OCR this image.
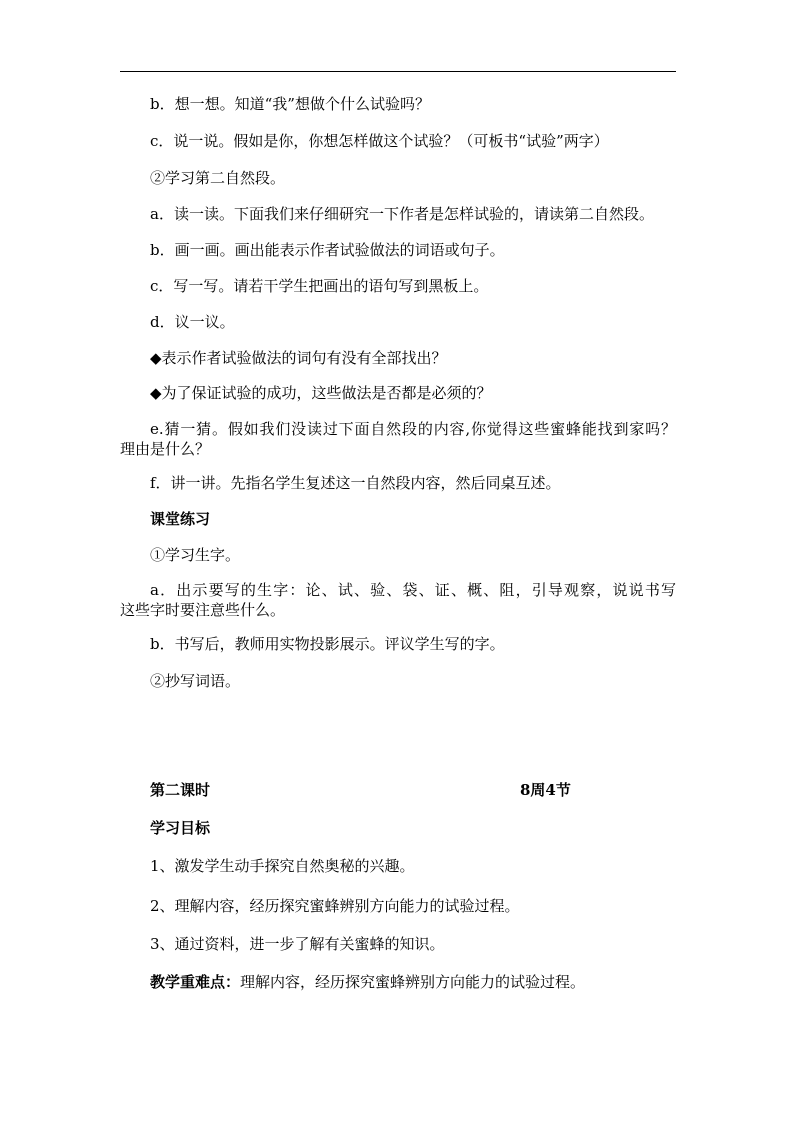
b．想一想。知道“我”想做个什么试验吗？
c．说一说。假如是你，你想怎样做这个试验？（可板书“试验”两字）
②学习第二自然段。
a．读一读。下面我们来仔细研究一下作者是怎样试验的，请读第二自然段。
b．画一画。画出能表示作者试验做法的词语或句子。
c．写一写。请若干学生把画出的语句写到黑板上。
d．议一议。
◆表示作者试验做法的词句有没有全部找出？
◆为了保证试验的成功，这些做法是否都是必须的？
e.猜一猜。假如我们没读过下面自然段的内容,你觉得这些蜜蜂能找到家吗？
理由是什么？
f．讲一讲。先指名学生复述这一自然段内容，然后同桌互述。
课堂练习
①学习生字。
a．出示要写的生字：论、试、验、袋、证、概、阻，引导观察，说说书写
这些字时要注意些什么。
b．书写后，教师用实物投影展示。评议学生写的字。
②抄写词语。
第二课时	8周4节
学习目标
1、激发学生动手探究自然奥秘的兴趣。
2、理解内容，经历探究蜜蜂辨别方向能力的试验过程。
3、通过资料，进一步了解有关蜜蜂的知识。
教学重难点：理解内容，经历探究蜜蜂辨别方向能力的试验过程。
